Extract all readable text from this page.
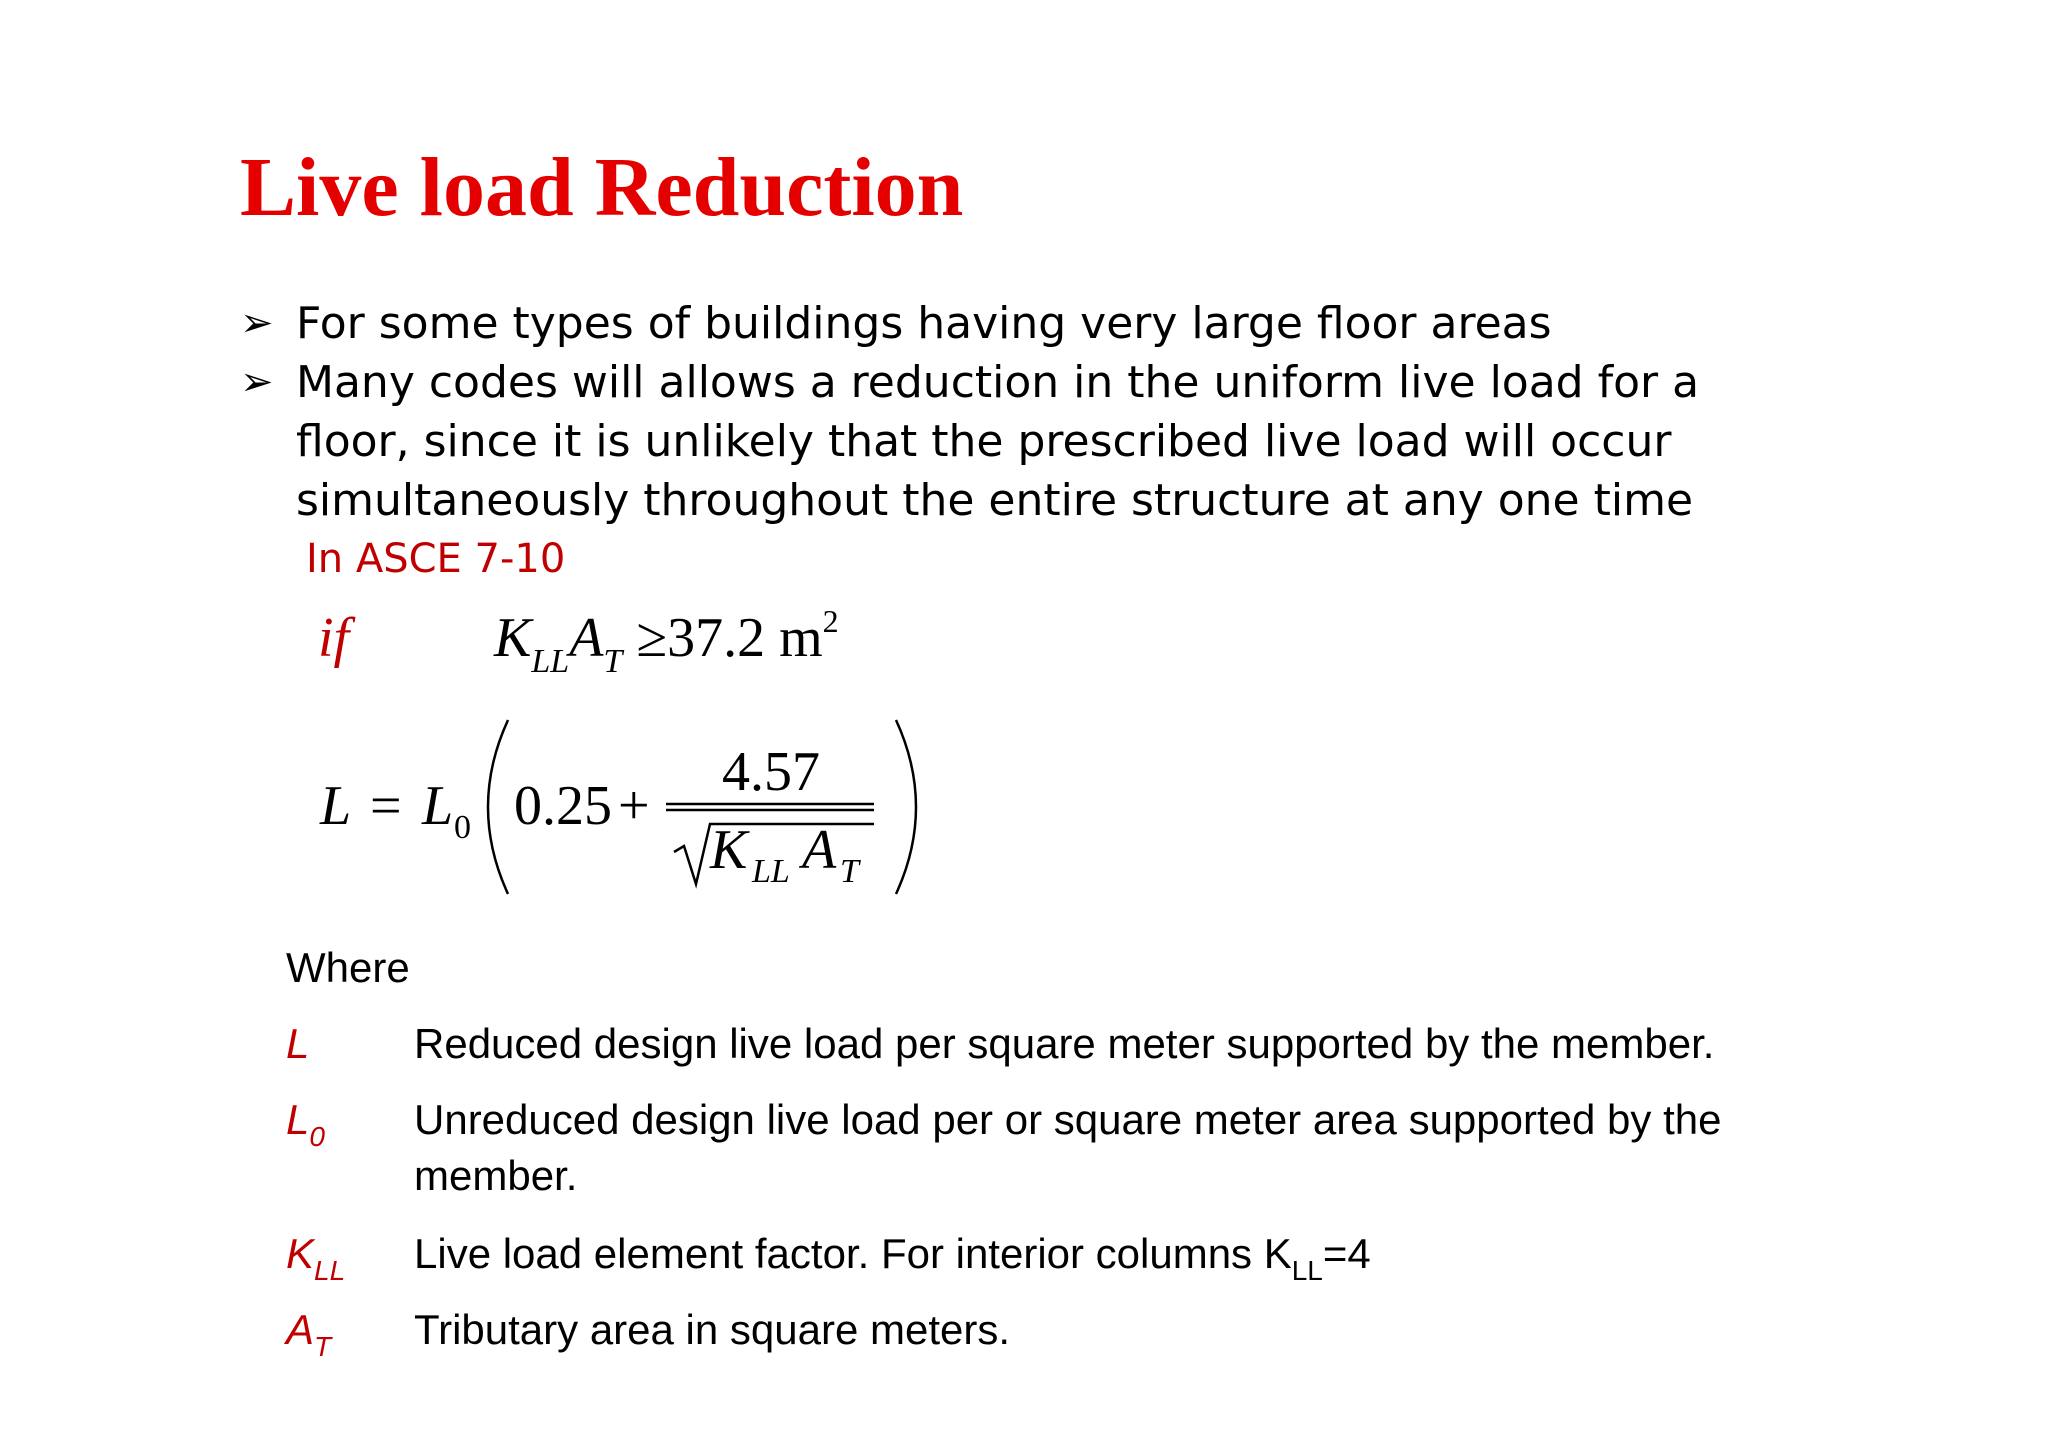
Live load Reduction
➢ For some types of buildings having very large floor areas
➢ Many codes will allows a reduction in the uniform live load for a floor, since it is unlikely that the prescribed live load will occur simultaneously throughout the entire structure at any one time
In ASCE 7-10
if	$K_{LL}A_T \ge 37.2$ $m^2$
L = L 0 0.25 +
4.57
K LL A T
Where
L Reduced design live load per square meter supported by the member.
$L_0$ Unreduced design live load per or square meter area supported by the member.
$K_{LL}$ Live load element factor. For interior columns $K_{LL}=4$
$A_T$ Tributary area in square meters.
